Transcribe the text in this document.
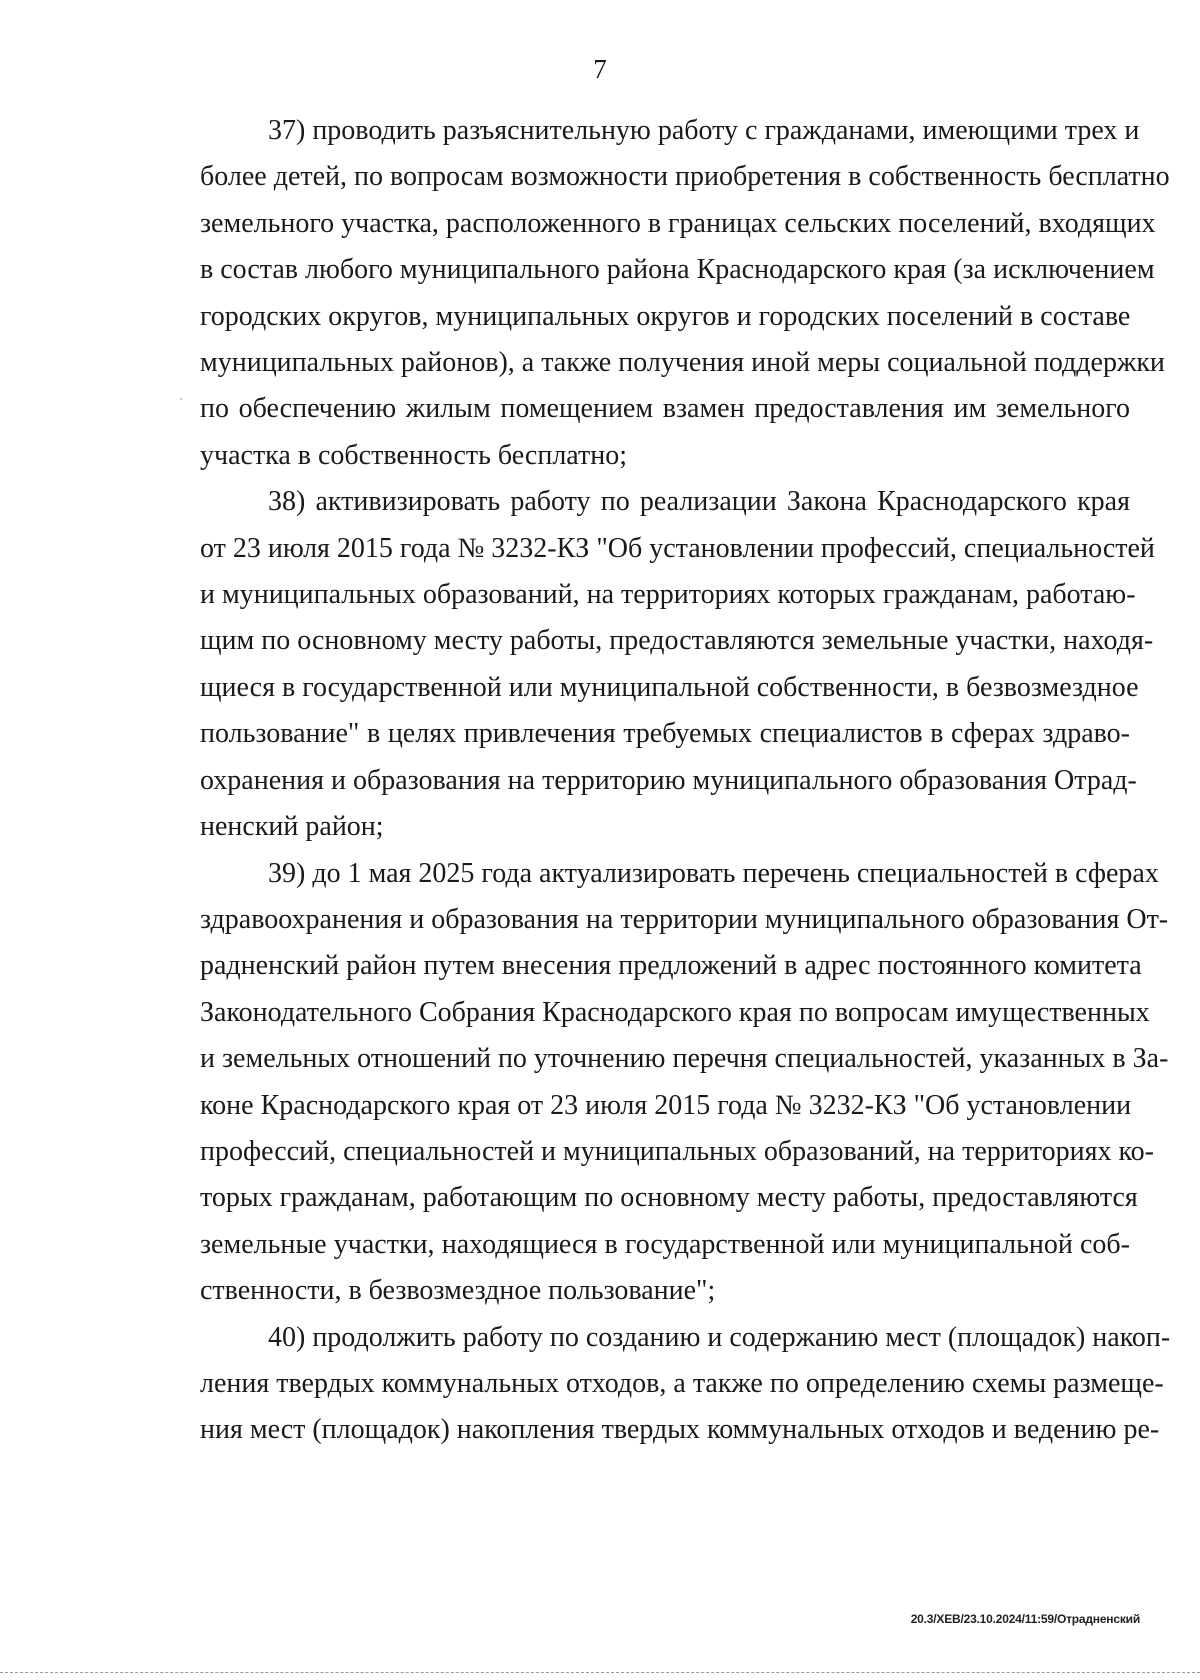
7
37) проводить разъяснительную работу с гражданами, имеющими трех и
более детей, по вопросам возможности приобретения в собственность бесплатно
земельного участка, расположенного в границах сельских поселений, входящих
в состав любого муниципального района Краснодарского края (за исключением
городских округов, муниципальных округов и городских поселений в составе
муниципальных районов), а также получения иной меры социальной поддержки
по обеспечению жилым помещением взамен предоставления им земельного
участка в собственность бесплатно;
38) активизировать работу по реализации Закона Краснодарского края
от 23 июля 2015 года № 3232-КЗ "Об установлении профессий, специальностей
и муниципальных образований, на территориях которых гражданам, работаю-
щим по основному месту работы, предоставляются земельные участки, находя-
щиеся в государственной или муниципальной собственности, в безвозмездное
пользование" в целях привлечения требуемых специалистов в сферах здраво-
охранения и образования на территорию муниципального образования Отрад-
ненский район;
39) до 1 мая 2025 года актуализировать перечень специальностей в сферах
здравоохранения и образования на территории муниципального образования От-
радненский район путем внесения предложений в адрес постоянного комитета
Законодательного Собрания Краснодарского края по вопросам имущественных
и земельных отношений по уточнению перечня специальностей, указанных в За-
коне Краснодарского края от 23 июля 2015 года № 3232-КЗ "Об установлении
профессий, специальностей и муниципальных образований, на территориях ко-
торых гражданам, работающим по основному месту работы, предоставляются
земельные участки, находящиеся в государственной или муниципальной соб-
ственности, в безвозмездное пользование";
40) продолжить работу по созданию и содержанию мест (площадок) накоп-
ления твердых коммунальных отходов, а также по определению схемы размеще-
ния мест (площадок) накопления твердых коммунальных отходов и ведению ре-
20.3/ХЕВ/23.10.2024/11:59/Отрадненский
